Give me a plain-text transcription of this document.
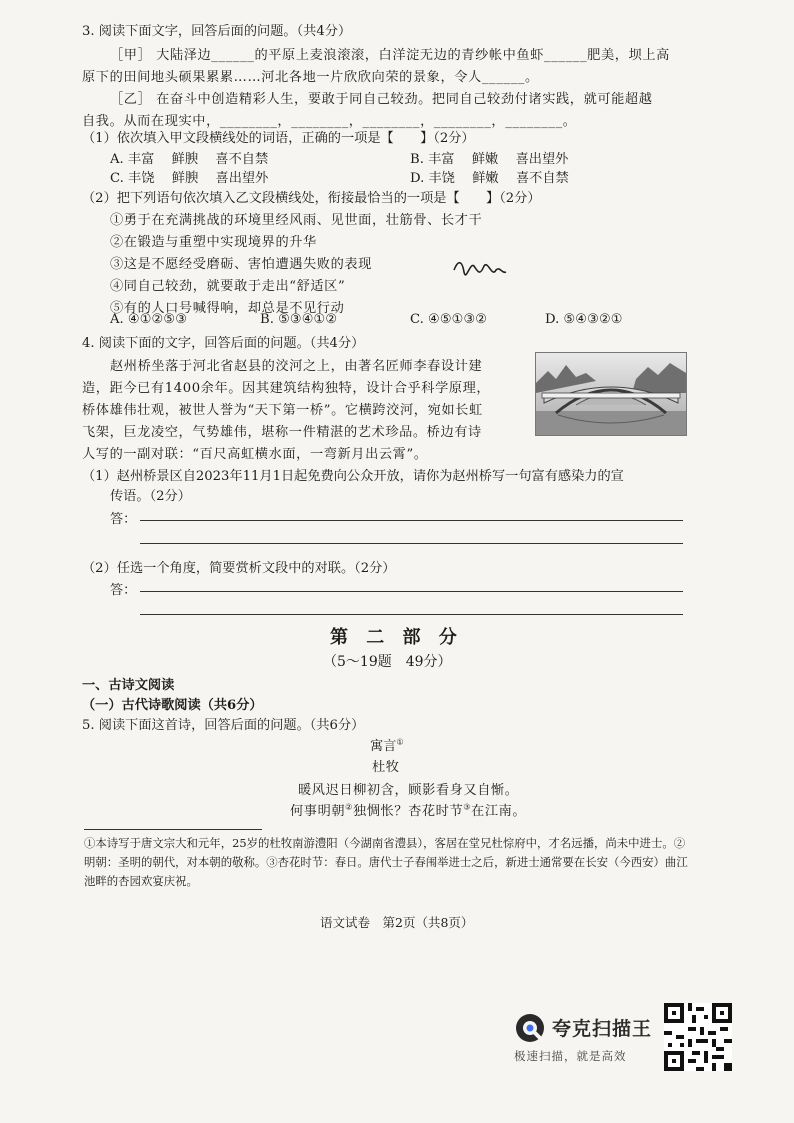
3. 阅读下面文字，回答后面的问题。（共4分）
［甲］ 大陆泽边______的平原上麦浪滚滚，白洋淀无边的青纱帐中鱼虾______肥美，坝上高
原下的田间地头硕果累累……河北各地一片欣欣向荣的景象，令人______。
［乙］ 在奋斗中创造精彩人生，要敢于同自己较劲。把同自己较劲付诸实践，就可能超越
自我。从而在现实中，________，________，________，________，________。
（1）依次填入甲文段横线处的词语，正确的一项是【　　】（2分）
A. 丰富　 鲜腴　 喜不自禁	B. 丰富　 鲜嫩　 喜出望外
C. 丰饶　 鲜腴　 喜出望外	D. 丰饶　 鲜嫩　 喜不自禁
（2）把下列语句依次填入乙文段横线处，衔接最恰当的一项是【　　】（2分）
①勇于在充满挑战的环境里经风雨、见世面，壮筋骨、长才干
②在锻造与重塑中实现境界的升华
③这是不愿经受磨砺、害怕遭遇失败的表现
④同自己较劲，就要敢于走出“舒适区”
⑤有的人口号喊得响，却总是不见行动
A. ④①②⑤③	B. ⑤③④①②	C. ④⑤①③②	D. ⑤④③②①
4. 阅读下面的文字，回答后面的问题。（共4分）
赵州桥坐落于河北省赵县的洨河之上，由著名匠师李春设计建
造，距今已有1400余年。因其建筑结构独特，设计合乎科学原理，
桥体雄伟壮观，被世人誉为“天下第一桥”。它横跨洨河，宛如长虹
飞架，巨龙凌空，气势雄伟，堪称一件精湛的艺术珍品。桥边有诗
人写的一副对联：“百尺高虹横水面，一弯新月出云霄”。
（1）赵州桥景区自2023年11月1日起免费向公众开放，请你为赵州桥写一句富有感染力的宣
传语。（2分）
答：
（2）任选一个角度，简要赏析文段中的对联。（2分）
答：
第 二 部 分
（5～19题　49分）
一、古诗文阅读
（一）古代诗歌阅读（共6分）
5. 阅读下面这首诗，回答后面的问题。（共6分）
寓言①
杜牧
暖风迟日柳初含，顾影看身又自惭。
何事明朝②独惆怅？杏花时节③在江南。
①本诗写于唐文宗大和元年，25岁的杜牧南游澧阳（今湖南省澧县），客居在堂兄杜悰府中，才名远播，尚未中进士。②明朝：圣明的朝代，对本朝的敬称。③杏花时节：春日。唐代士子春闱举进士之后，新进士通常要在长安（今西安）曲江池畔的杏园欢宴庆祝。
语文试卷　第2页（共8页）
夸克扫描王
极速扫描，就是高效
